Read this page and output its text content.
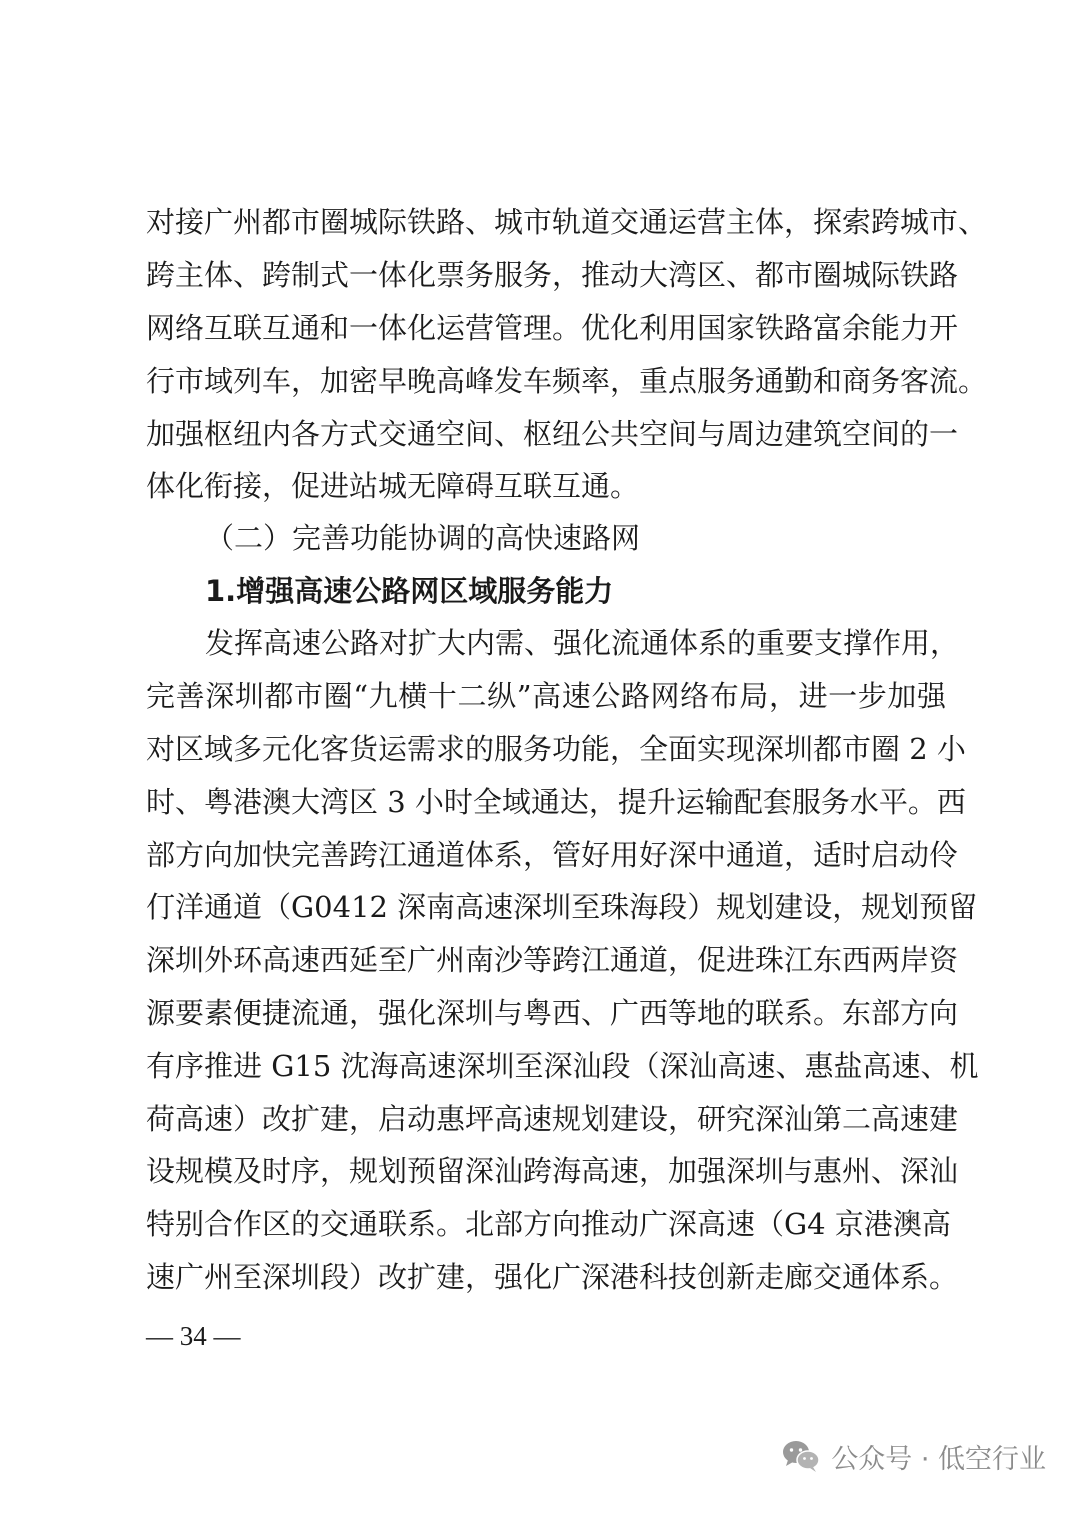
对接广州都市圈城际铁路、城市轨道交通运营主体，探索跨城市、
跨主体、跨制式一体化票务服务，推动大湾区、都市圈城际铁路
网络互联互通和一体化运营管理。优化利用国家铁路富余能力开
行市域列车，加密早晚高峰发车频率，重点服务通勤和商务客流。
加强枢纽内各方式交通空间、枢纽公共空间与周边建筑空间的一
体化衔接，促进站城无障碍互联互通。
（二）完善功能协调的高快速路网
1.增强高速公路网区域服务能力
发挥高速公路对扩大内需、强化流通体系的重要支撑作用，
完善深圳都市圈“九横十二纵”高速公路网络布局，进一步加强
对区域多元化客货运需求的服务功能，全面实现深圳都市圈 2 小
时、粤港澳大湾区 3 小时全域通达，提升运输配套服务水平。西
部方向加快完善跨江通道体系，管好用好深中通道，适时启动伶
仃洋通道（G0412 深南高速深圳至珠海段）规划建设，规划预留
深圳外环高速西延至广州南沙等跨江通道，促进珠江东西两岸资
源要素便捷流通，强化深圳与粤西、广西等地的联系。东部方向
有序推进 G15 沈海高速深圳至深汕段（深汕高速、惠盐高速、机
荷高速）改扩建，启动惠坪高速规划建设，研究深汕第二高速建
设规模及时序，规划预留深汕跨海高速，加强深圳与惠州、深汕
特别合作区的交通联系。北部方向推动广深高速（G4 京港澳高
速广州至深圳段）改扩建，强化广深港科技创新走廊交通体系。
— 34 —
公众号 · 低空行业
